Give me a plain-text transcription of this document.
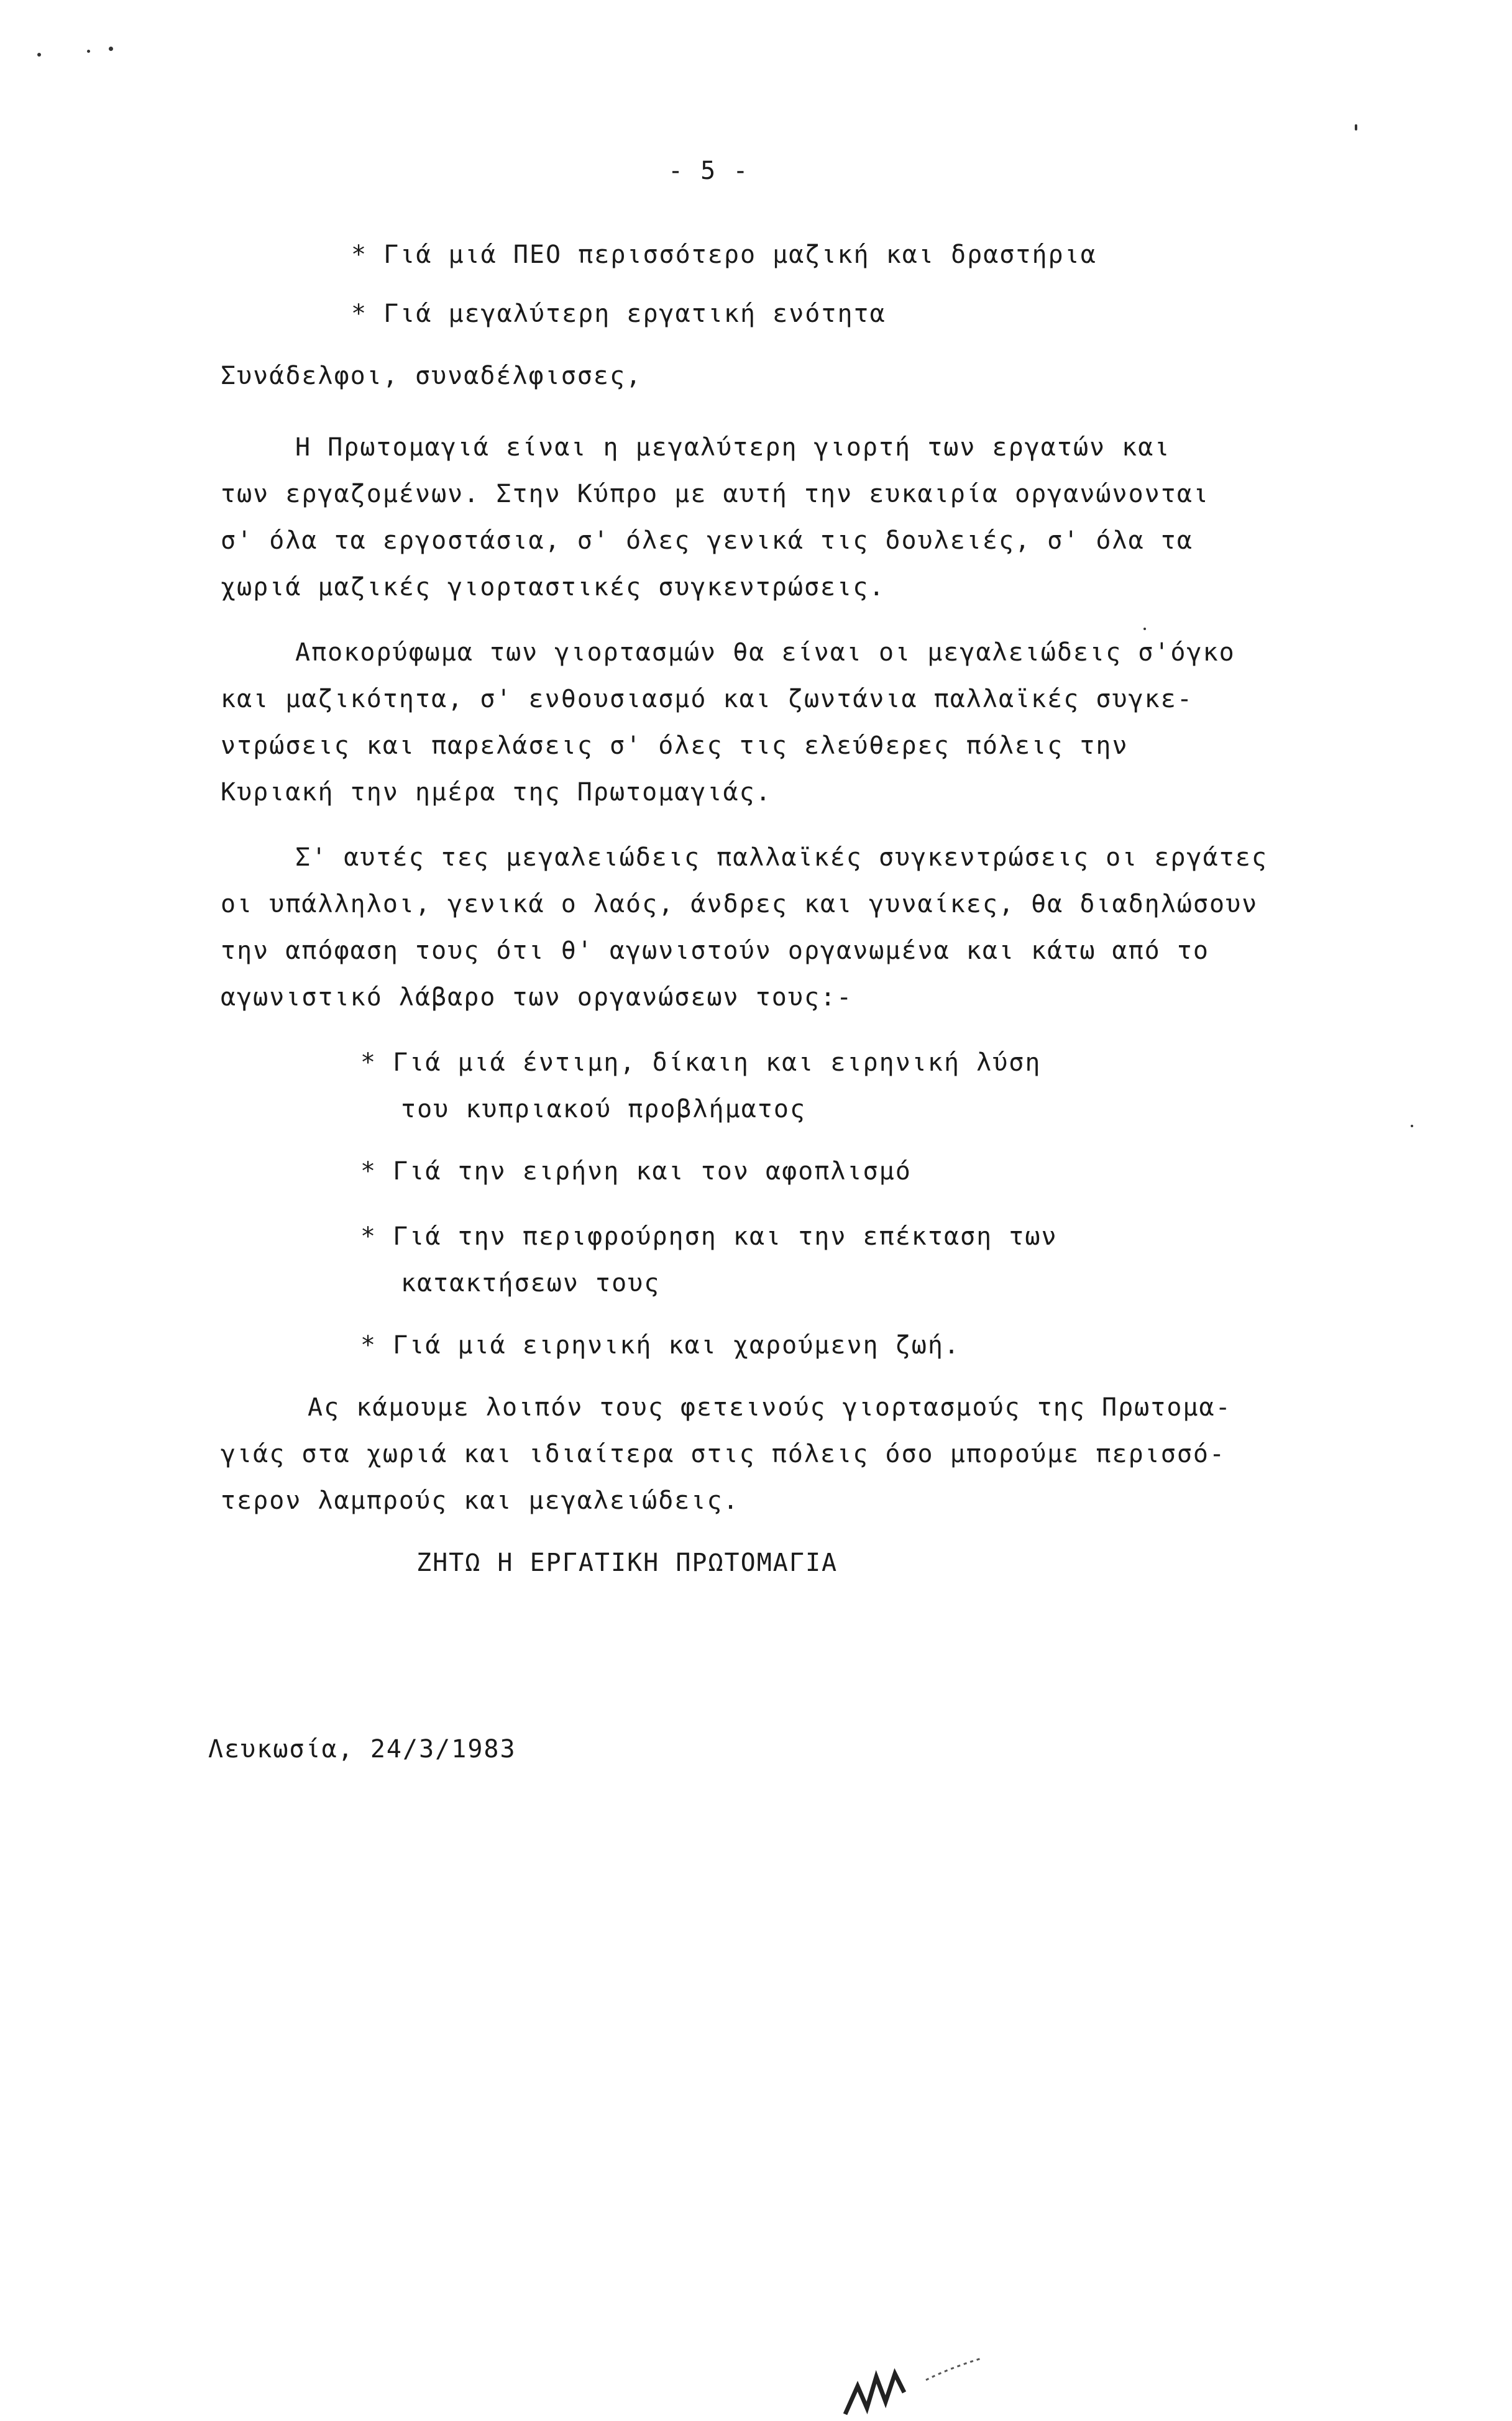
- 5 -
* Γιά μιά ΠΕΟ περισσότερο μαζική και δραστήρια
* Γιά μεγαλύτερη εργατική ενότητα
Συνάδελφοι, συναδέλφισσες,
Η Πρωτομαγιά είναι η μεγαλύτερη γιορτή των εργατών και
των εργαζομένων. Στην Κύπρο με αυτή την ευκαιρία οργανώνονται
σ' όλα τα εργοστάσια, σ' όλες γενικά τις δουλειές, σ' όλα τα
χωριά μαζικές γιορταστικές συγκεντρώσεις.
Αποκορύφωμα των γιορτασμών θα είναι οι μεγαλειώδεις σ'όγκο
και μαζικότητα, σ' ενθουσιασμό και ζωντάνια παλλαϊκές συγκε-
ντρώσεις και παρελάσεις σ' όλες τις ελεύθερες πόλεις την
Κυριακή την ημέρα της Πρωτομαγιάς.
Σ' αυτές τες μεγαλειώδεις παλλαϊκές συγκεντρώσεις οι εργάτες
οι υπάλληλοι, γενικά ο λαός, άνδρες και γυναίκες, θα διαδηλώσουν
την απόφαση τους ότι θ' αγωνιστούν οργανωμένα και κάτω από το
αγωνιστικό λάβαρο των οργανώσεων τους:-
* Γιά μιά έντιμη, δίκαιη και ειρηνική λύση
του κυπριακού προβλήματος
* Γιά την ειρήνη και τον αφοπλισμό
* Γιά την περιφρούρηση και την επέκταση των
κατακτήσεων τους
* Γιά μιά ειρηνική και χαρούμενη ζωή.
Ας κάμουμε λοιπόν τους φετεινούς γιορτασμούς της Πρωτομα-
γιάς στα χωριά και ιδιαίτερα στις πόλεις όσο μπορούμε περισσό-
τερον λαμπρούς και μεγαλειώδεις.
ΖΗΤΩ Η ΕΡΓΑΤΙΚΗ ΠΡΩΤΟΜΑΓΙΑ
Λευκωσία, 24/3/1983
